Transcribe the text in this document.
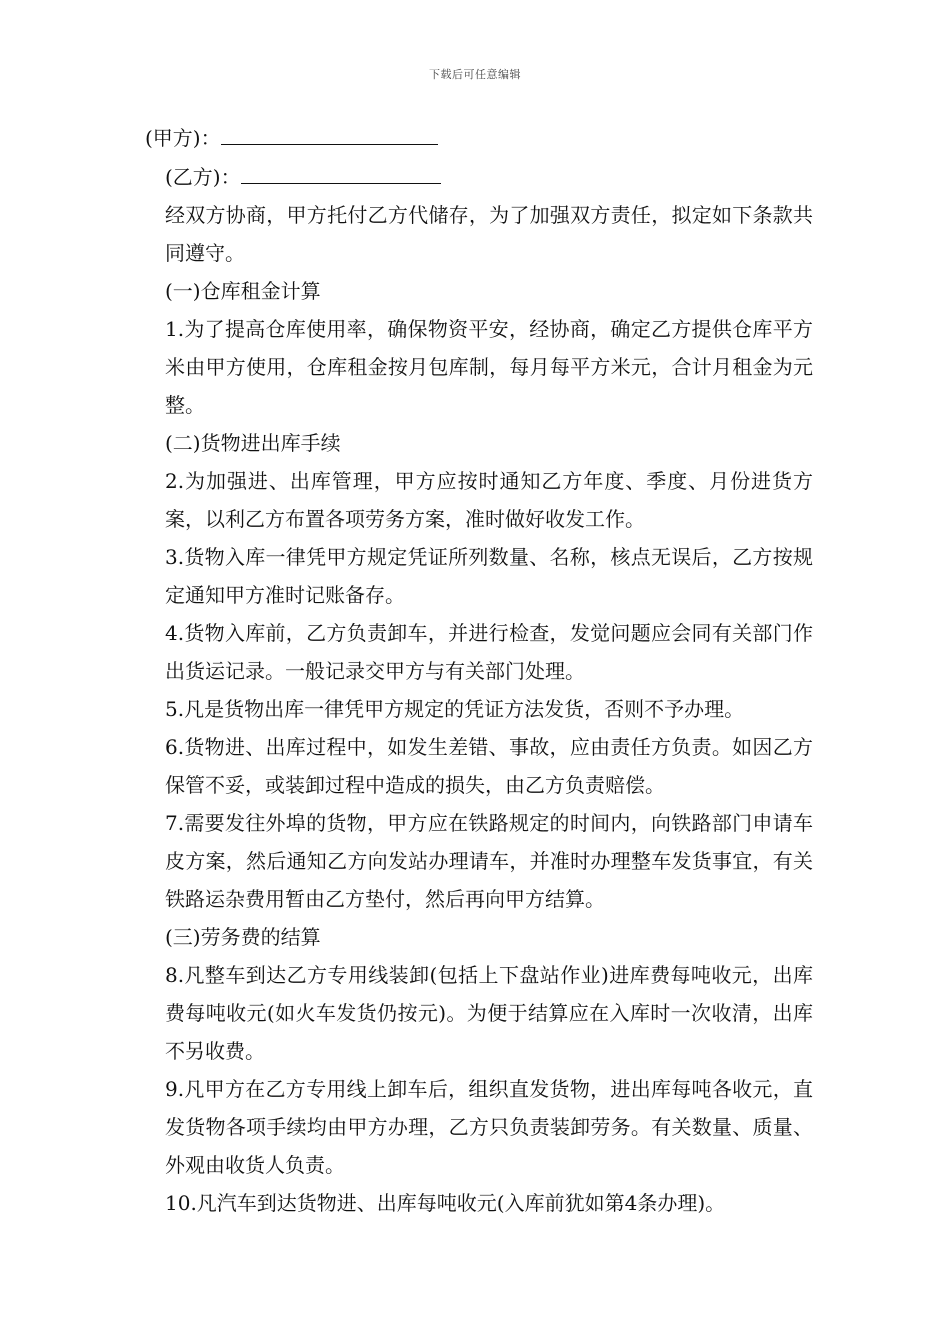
下载后可任意编辑
(甲方)：
(乙方)：
经双方协商，甲方托付乙方代储存，为了加强双方责任，拟定如下条款共同遵守。
(一)仓库租金计算
1.为了提高仓库使用率，确保物资平安，经协商，确定乙方提供仓库平方米由甲方使用，仓库租金按月包库制，每月每平方米元，合计月租金为元整。
(二)货物进出库手续
2.为加强进、出库管理，甲方应按时通知乙方年度、季度、月份进货方案，以利乙方布置各项劳务方案，准时做好收发工作。
3.货物入库一律凭甲方规定凭证所列数量、名称，核点无误后，乙方按规定通知甲方准时记账备存。
4.货物入库前，乙方负责卸车，并进行检查，发觉问题应会同有关部门作出货运记录。一般记录交甲方与有关部门处理。
5.凡是货物出库一律凭甲方规定的凭证方法发货，否则不予办理。
6.货物进、出库过程中，如发生差错、事故，应由责任方负责。如因乙方保管不妥，或装卸过程中造成的损失，由乙方负责赔偿。
7.需要发往外埠的货物，甲方应在铁路规定的时间内，向铁路部门申请车皮方案，然后通知乙方向发站办理请车，并准时办理整车发货事宜，有关铁路运杂费用暂由乙方垫付，然后再向甲方结算。
(三)劳务费的结算
8.凡整车到达乙方专用线装卸(包括上下盘站作业)进库费每吨收元，出库费每吨收元(如火车发货仍按元)。为便于结算应在入库时一次收清，出库不另收费。
9.凡甲方在乙方专用线上卸车后，组织直发货物，进出库每吨各收元，直发货物各项手续均由甲方办理，乙方只负责装卸劳务。有关数量、质量、外观由收货人负责。
10.凡汽车到达货物进、出库每吨收元(入库前犹如第4条办理)。
